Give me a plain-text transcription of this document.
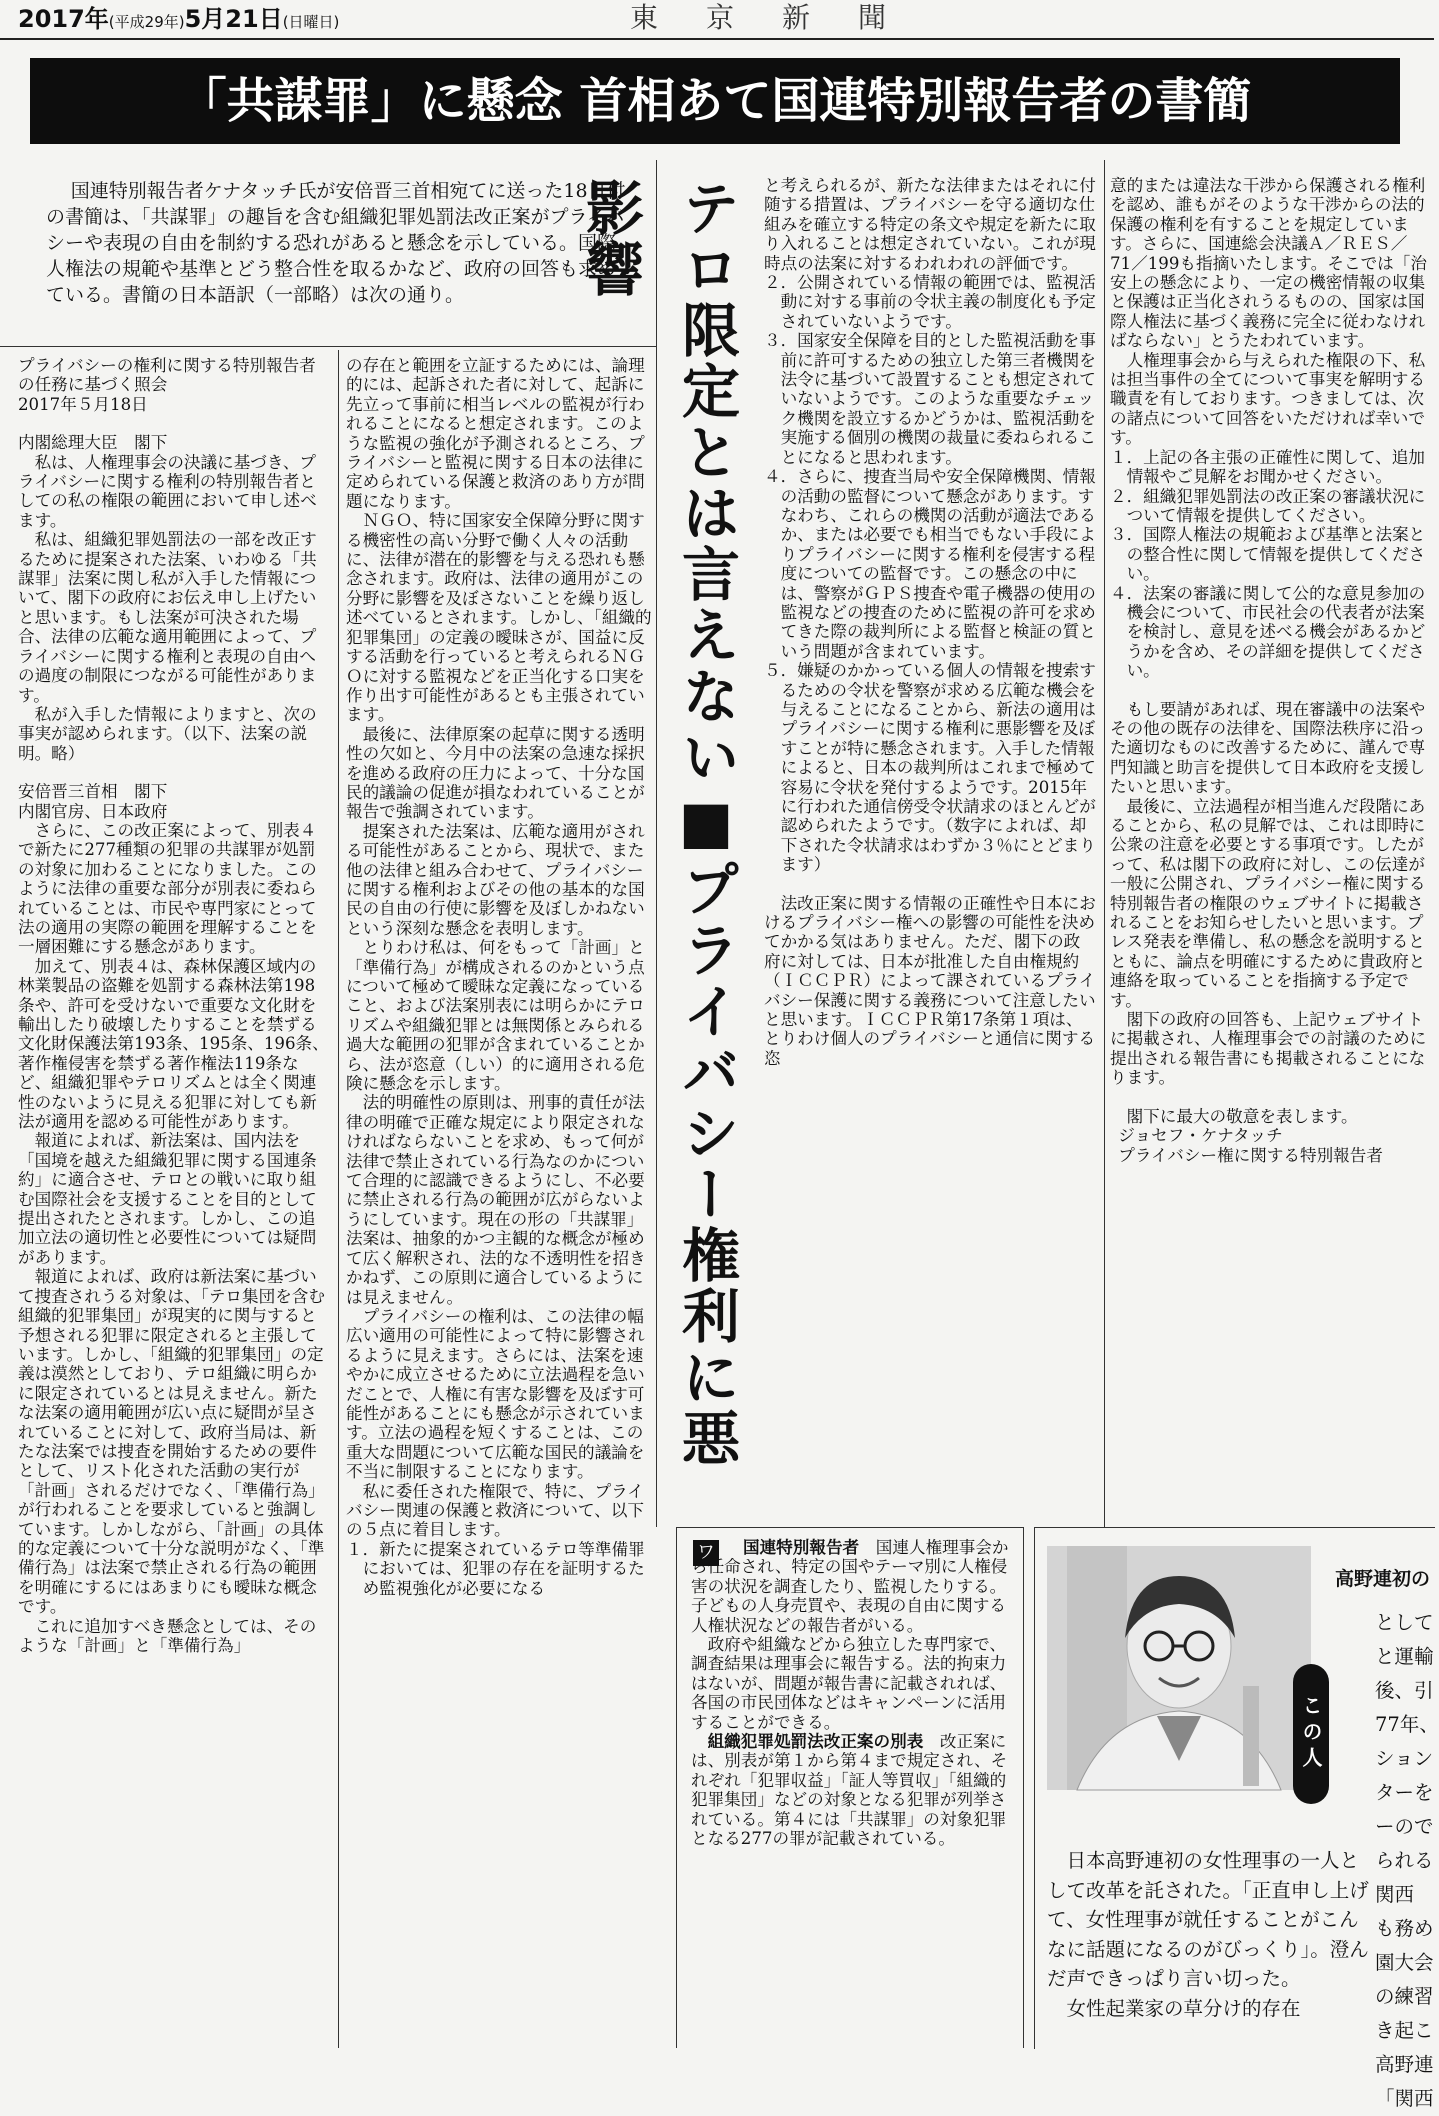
2017年(平成29年)5月21日(日曜日)	東京新聞
「共謀罪」に懸念 首相あて国連特別報告者の書簡

国連特別報告者ケナタッチ氏が安倍晋三首相宛てに送った18日付の書簡は、「共謀罪」の趣旨を含む組織犯罪処罰法改正案がプライバシーや表現の自由を制約する恐れがあると懸念を示している。国際人権法の規範や基準とどう整合性を取るかなど、政府の回答も求めている。書簡の日本語訳（一部略）は次の通り。	テロ限定とは言えない■プライバシー権利に悪影響

プライバシーの権利に関する特別報告者の任務に基づく照会

2017年５月18日

内閣総理大臣　閣下

私は、人権理事会の決議に基づき、プライバシーに関する権利の特別報告者としての私の権限の範囲において申し述べます。

私は、組織犯罪処罰法の一部を改正するために提案された法案、いわゆる「共謀罪」法案に関し私が入手した情報について、閣下の政府にお伝え申し上げたいと思います。もし法案が可決された場合、法律の広範な適用範囲によって、プライバシーに関する権利と表現の自由への過度の制限につながる可能性があります。

私が入手した情報によりますと、次の事実が認められます。（以下、法案の説明。略）

安倍晋三首相　閣下

内閣官房、日本政府

さらに、この改正案によって、別表４で新たに277種類の犯罪の共謀罪が処罰の対象に加わることになりました。このように法律の重要な部分が別表に委ねられていることは、市民や専門家にとって法の適用の実際の範囲を理解することを一層困難にする懸念があります。

加えて、別表４は、森林保護区域内の林業製品の盗難を処罰する森林法第198条や、許可を受けないで重要な文化財を輸出したり破壊したりすることを禁ずる文化財保護法第193条、195条、196条、著作権侵害を禁ずる著作権法119条など、組織犯罪やテロリズムとは全く関連性のないように見える犯罪に対しても新法が適用を認める可能性があります。

報道によれば、新法案は、国内法を「国境を越えた組織犯罪に関する国連条約」に適合させ、テロとの戦いに取り組む国際社会を支援することを目的として提出されたとされます。しかし、この追加立法の適切性と必要性については疑問があります。

報道によれば、政府は新法案に基づいて捜査されうる対象は、「テロ集団を含む組織的犯罪集団」が現実的に関与すると予想される犯罪に限定されると主張しています。しかし、「組織的犯罪集団」の定義は漠然としており、テロ組織に明らかに限定されているとは見えません。新たな法案の適用範囲が広い点に疑問が呈されていることに対して、政府当局は、新たな法案では捜査を開始するための要件として、リスト化された活動の実行が「計画」されるだけでなく、「準備行為」が行われることを要求していると強調しています。しかしながら、「計画」の具体的な定義について十分な説明がなく、「準備行為」は法案で禁止される行為の範囲を明確にするにはあまりにも曖昧な概念です。

これに追加すべき懸念としては、そのような「計画」と「準備行為」

の存在と範囲を立証するためには、論理的には、起訴された者に対して、起訴に先立って事前に相当レベルの監視が行われることになると想定されます。このような監視の強化が予測されるところ、プライバシーと監視に関する日本の法律に定められている保護と救済のあり方が問題になります。

ＮＧＯ、特に国家安全保障分野に関する機密性の高い分野で働く人々の活動に、法律が潜在的影響を与える恐れも懸念されます。政府は、法律の適用がこの分野に影響を及ぼさないことを繰り返し述べているとされます。しかし、「組織的犯罪集団」の定義の曖昧さが、国益に反する活動を行っていると考えられるＮＧＯに対する監視などを正当化する口実を作り出す可能性があるとも主張されています。

最後に、法律原案の起草に関する透明性の欠如と、今月中の法案の急速な採択を進める政府の圧力によって、十分な国民的議論の促進が損なわれていることが報告で強調されています。

提案された法案は、広範な適用がされる可能性があることから、現状で、また他の法律と組み合わせて、プライバシーに関する権利およびその他の基本的な国民の自由の行使に影響を及ぼしかねないという深刻な懸念を表明します。

とりわけ私は、何をもって「計画」と「準備行為」が構成されるのかという点について極めて曖昧な定義になっていること、および法案別表には明らかにテロリズムや組織犯罪とは無関係とみられる過大な範囲の犯罪が含まれていることから、法が恣意（しい）的に適用される危険に懸念を示します。

法的明確性の原則は、刑事的責任が法律の明確で正確な規定により限定されなければならないことを求め、もって何が法律で禁止されている行為なのかについて合理的に認識できるようにし、不必要に禁止される行為の範囲が広がらないようにしています。現在の形の「共謀罪」法案は、抽象的かつ主観的な概念が極めて広く解釈され、法的な不透明性を招きかねず、この原則に適合しているようには見えません。

プライバシーの権利は、この法律の幅広い適用の可能性によって特に影響されるように見えます。さらには、法案を速やかに成立させるために立法過程を急いだことで、人権に有害な影響を及ぼす可能性があることにも懸念が示されています。立法の過程を短くすることは、この重大な問題について広範な国民的議論を不当に制限することになります。

私に委任された権限で、特に、プライバシー関連の保護と救済について、以下の５点に着目します。

１．新たに提案されているテロ等準備罪においては、犯罪の存在を証明するため監視強化が必要になる

と考えられるが、新たな法律またはそれに付随する措置は、プライバシーを守る適切な仕組みを確立する特定の条文や規定を新たに取り入れることは想定されていない。これが現時点の法案に対するわれわれの評価です。

２．公開されている情報の範囲では、監視活動に対する事前の令状主義の制度化も予定されていないようです。

３．国家安全保障を目的とした監視活動を事前に許可するための独立した第三者機関を法令に基づいて設置することも想定されていないようです。このような重要なチェック機関を設立するかどうかは、監視活動を実施する個別の機関の裁量に委ねられることになると思われます。

４．さらに、捜査当局や安全保障機関、情報の活動の監督について懸念があります。すなわち、これらの機関の活動が適法であるか、または必要でも相当でもない手段によりプライバシーに関する権利を侵害する程度についての監督です。この懸念の中には、警察がＧＰＳ捜査や電子機器の使用の監視などの捜査のために監視の許可を求めてきた際の裁判所による監督と検証の質という問題が含まれています。

５．嫌疑のかかっている個人の情報を捜索するための令状を警察が求める広範な機会を与えることになることから、新法の適用はプライバシーに関する権利に悪影響を及ぼすことが特に懸念されます。入手した情報によると、日本の裁判所はこれまで極めて容易に令状を発付するようです。2015年に行われた通信傍受令状請求のほとんどが認められたようです。（数字によれば、却下された令状請求はわずか３％にとどまります）

法改正案に関する情報の正確性や日本におけるプライバシー権への影響の可能性を決めてかかる気はありません。ただ、閣下の政府に対しては、日本が批准した自由権規約（ＩＣＣＰＲ）によって課されているプライバシー保護に関する義務について注意したいと思います。ＩＣＣＰＲ第17条第１項は、とりわけ個人のプライバシーと通信に関する恣

意的または違法な干渉から保護される権利を認め、誰もがそのような干渉からの法的保護の権利を有することを規定しています。さらに、国連総会決議Ａ／ＲＥＳ／71／199も指摘いたします。そこでは「治安上の懸念により、一定の機密情報の収集と保護は正当化されうるものの、国家は国際人権法に基づく義務に完全に従わなければならない」とうたわれています。

人権理事会から与えられた権限の下、私は担当事件の全てについて事実を解明する職責を有しております。つきましては、次の諸点について回答をいただければ幸いです。

１．上記の各主張の正確性に関して、追加情報やご見解をお聞かせください。

２．組織犯罪処罰法の改正案の審議状況について情報を提供してください。

３．国際人権法の規範および基準と法案との整合性に関して情報を提供してください。

４．法案の審議に関して公的な意見参加の機会について、市民社会の代表者が法案を検討し、意見を述べる機会があるかどうかを含め、その詳細を提供してください。

もし要請があれば、現在審議中の法案やその他の既存の法律を、国際法秩序に沿った適切なものに改善するために、謹んで専門知識と助言を提供して日本政府を支援したいと思います。

最後に、立法過程が相当進んだ段階にあることから、私の見解では、これは即時に公衆の注意を必要とする事項です。したがって、私は閣下の政府に対し、この伝達が一般に公開され、プライバシー権に関する特別報告者の権限のウェブサイトに掲載されることをお知らせしたいと思います。プレス発表を準備し、私の懸念を説明するとともに、論点を明確にするために貴政府と連絡を取っていることを指摘する予定です。

閣下の政府の回答も、上記ウェブサイトに掲載され、人権理事会での討議のために提出される報告書にも掲載されることになります。

閣下に最大の敬意を表します。

ジョセフ・ケナタッチ

プライバシー権に関する特別報告者

ワ	国連特別報告者　 国連人権理事会から任命され、特定の国やテーマ別に人権侵害の状況を調査したり、監視したりする。子どもの人身売買や、表現の自由に関する人権状況などの報告者がいる。

政府や組織などから独立した専門家で、調査結果は理事会に報告する。法的拘束力はないが、問題が報告書に記載されれば、各国の市民団体などはキャンペーンに活用することができる。

組織犯罪処罰法改正案の別表　 改正案には、別表が第１から第４まで規定され、それぞれ「犯罪収益」「証人等買収」「組織的犯罪集団」などの対象となる犯罪が列挙されている。第４には「共謀罪」の対象犯罪となる277の罪が記載されている。

この人
高野連初の

として

と運輸

後、引

77年、

ション

ターを

ーので

られる

関西

も務め

園大会

の練習

き起こ

高野連

「関西

日本高野連初の女性理事の一人として改革を託された。「正直申し上げて、女性理事が就任することがこんなに話題になるのがびっくり」。澄んだ声できっぱり言い切った。

女性起業家の草分け的存在
